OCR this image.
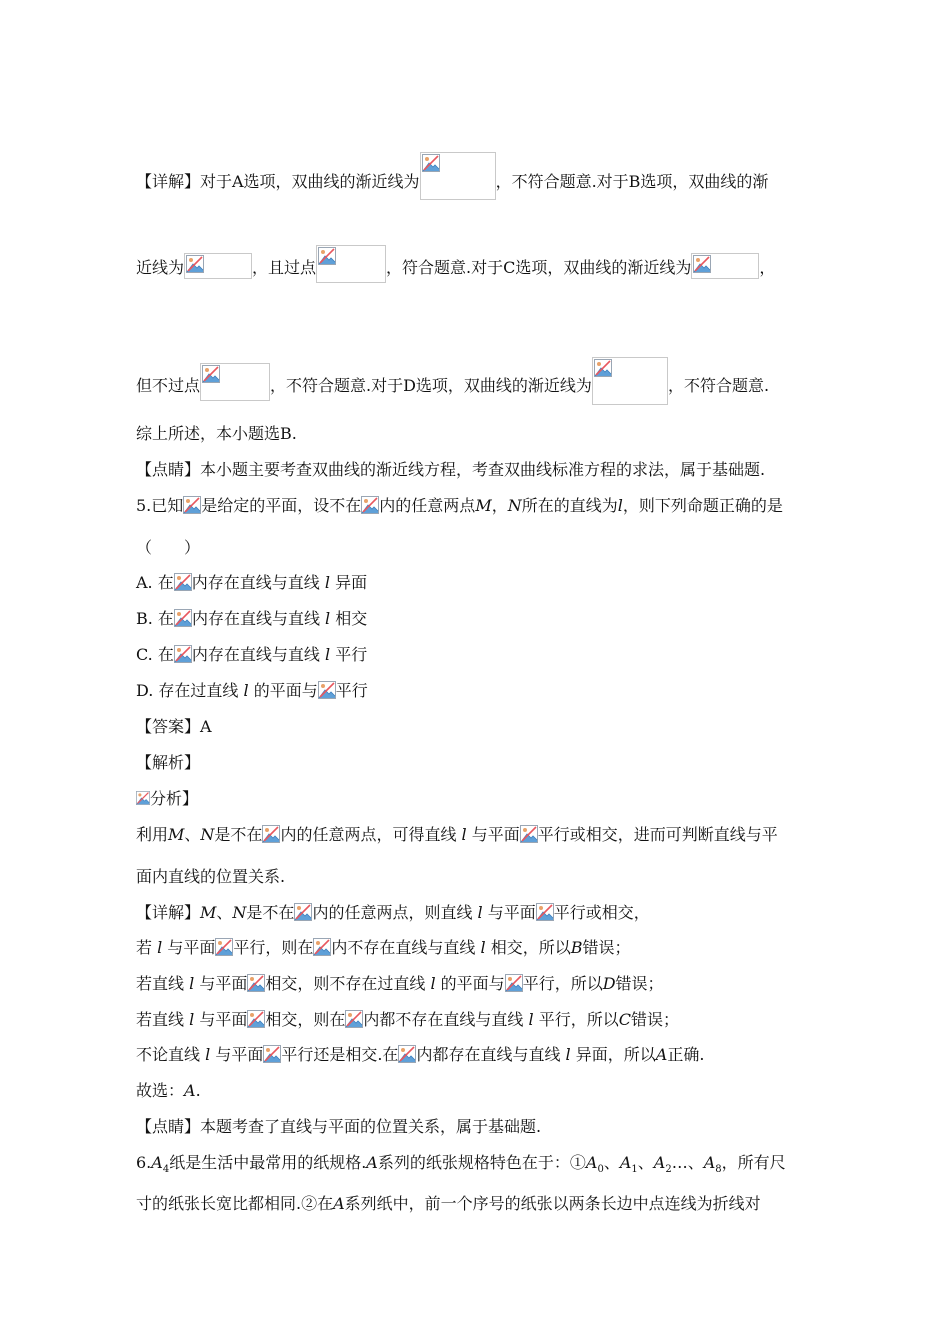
【详解】对于A选项，双曲线的渐近线为	，不符合题意.对于B选项，双曲线的渐
近线为	，且过点	，符合题意.对于C选项，双曲线的渐近线为	，
但不过点	，不符合题意.对于D选项，双曲线的渐近线为	，不符合题意.
综上所述，本小题选B.
【点睛】本小题主要考查双曲线的渐近线方程，考查双曲线标准方程的求法，属于基础题.
5.已知 是给定的平面，设不在 内的任意两点M，N所在的直线为l，则下列命题正确的是
（　　）
A. 在 内存在直线与直线 l 异面
B. 在 内存在直线与直线 l 相交
C. 在 内存在直线与直线 l 平行
D. 存在过直线 l 的平面与 平行
【答案】A
【解析】
分析】
利用M、N是不在 内的任意两点，可得直线 l 与平面 平行或相交，进而可判断直线与平
面内直线的位置关系.
【详解】M、N是不在 内的任意两点，则直线 l 与平面 平行或相交，
若 l 与平面 平行，则在 内不存在直线与直线 l 相交，所以B错误；
若直线 l 与平面 相交，则不存在过直线 l 的平面与 平行，所以D错误；
若直线 l 与平面 相交，则在 内都不存在直线与直线 l 平行，所以C错误；
不论直线 l 与平面 平行还是相交.在 内都存在直线与直线 l 异面，所以A正确.
故选：A.
【点睛】本题考查了直线与平面的位置关系，属于基础题.
$6.A_4$纸是生活中最常用的纸规格.A系列的纸张规格特色在于：$①A_0$、$A_1$、$A_2\dots$、$A_8$，所有尺
寸的纸张长宽比都相同.②在A系列纸中，前一个序号的纸张以两条长边中点连线为折线对
